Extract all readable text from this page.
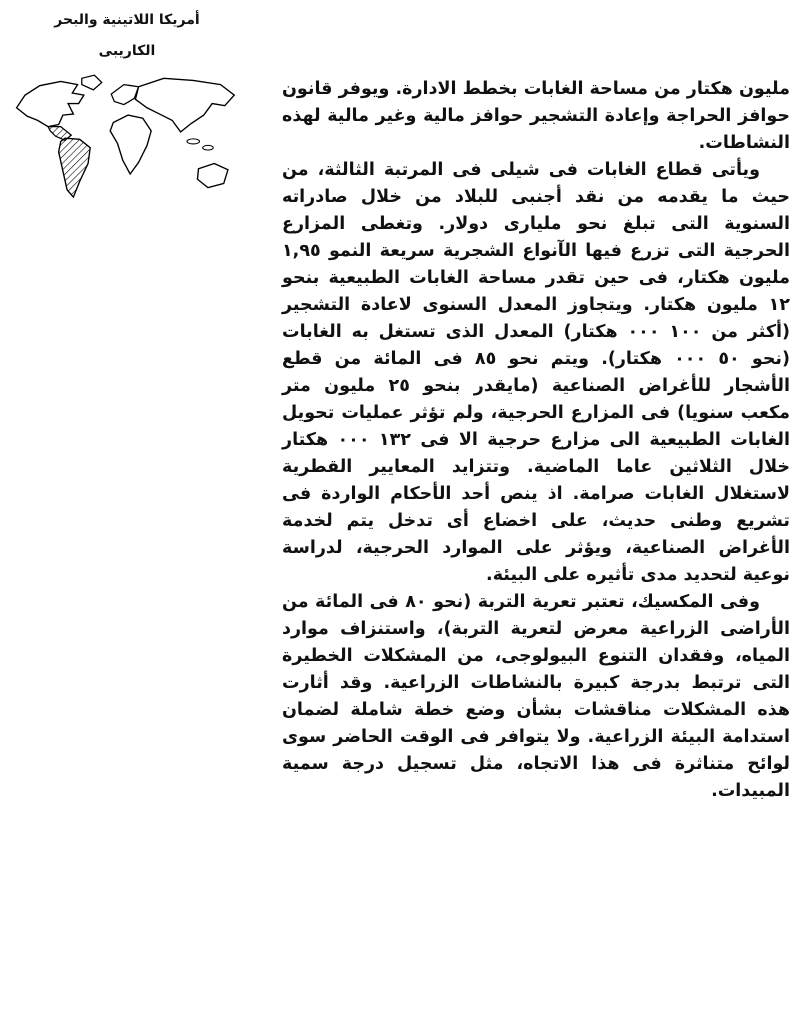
أمريكا اللاتينية والبحر
الكاريبى

مليون هكتار من مساحة الغابات بخطط الادارة. ويوفر قانون حوافز الحراجة وإعادة التشجير حوافز مالية وغير مالية لهذه النشاطات.

ويأتى قطاع الغابات فى شيلى فى المرتبة الثالثة، من حيث ما يقدمه من نقد أجنبى للبلاد من خلال صادراته السنوية التى تبلغ نحو مليارى دولار. وتغطى المزارع الحرجية التى تزرع فيها الآنواع الشجرية سريعة النمو ١,٩٥ مليون هكتار، فى حين تقدر مساحة الغابات الطبيعية بنحو ١٢ مليون هكتار. ويتجاوز المعدل السنوى لاعادة التشجير (أكثر من ١٠٠ ٠٠٠ هكتار) المعدل الذى تستغل به الغابات (نحو ٥٠ ٠٠٠ هكتار). ويتم نحو ٨٥ فى المائة من قطع الأشجار للأغراض الصناعية (مايقدر بنحو ٢٥ مليون متر مكعب سنويا) فى المزارع الحرجية، ولم تؤثر عمليات تحويل الغابات الطبيعية الى مزارع حرجية الا فى ١٣٢ ٠٠٠ هكتار خلال الثلاثين عاما الماضية. وتتزايد المعايير القطرية لاستغلال الغابات صرامة. اذ ينص أحد الأحكام الواردة فى تشريع وطنى حديث، على اخضاع أى تدخل يتم لخدمة الأغراض الصناعية، ويؤثر على الموارد الحرجية، لدراسة نوعية لتحديد مدى تأثيره على البيئة.

وفى المكسيك، تعتبر تعرية التربة (نحو ٨٠ فى المائة من الأراضى الزراعية معرض لتعرية التربة)، واستنزاف موارد المياه، وفقدان التنوع البيولوجى، من المشكلات الخطيرة التى ترتبط بدرجة كبيرة بالنشاطات الزراعية. وقد أثارت هذه المشكلات مناقشات بشأن وضع خطة شاملة لضمان استدامة البيئة الزراعية. ولا يتوافر فى الوقت الحاضر سوى لوائح متناثرة فى هذا الاتجاه، مثل تسجيل درجة سمية المبيدات.
